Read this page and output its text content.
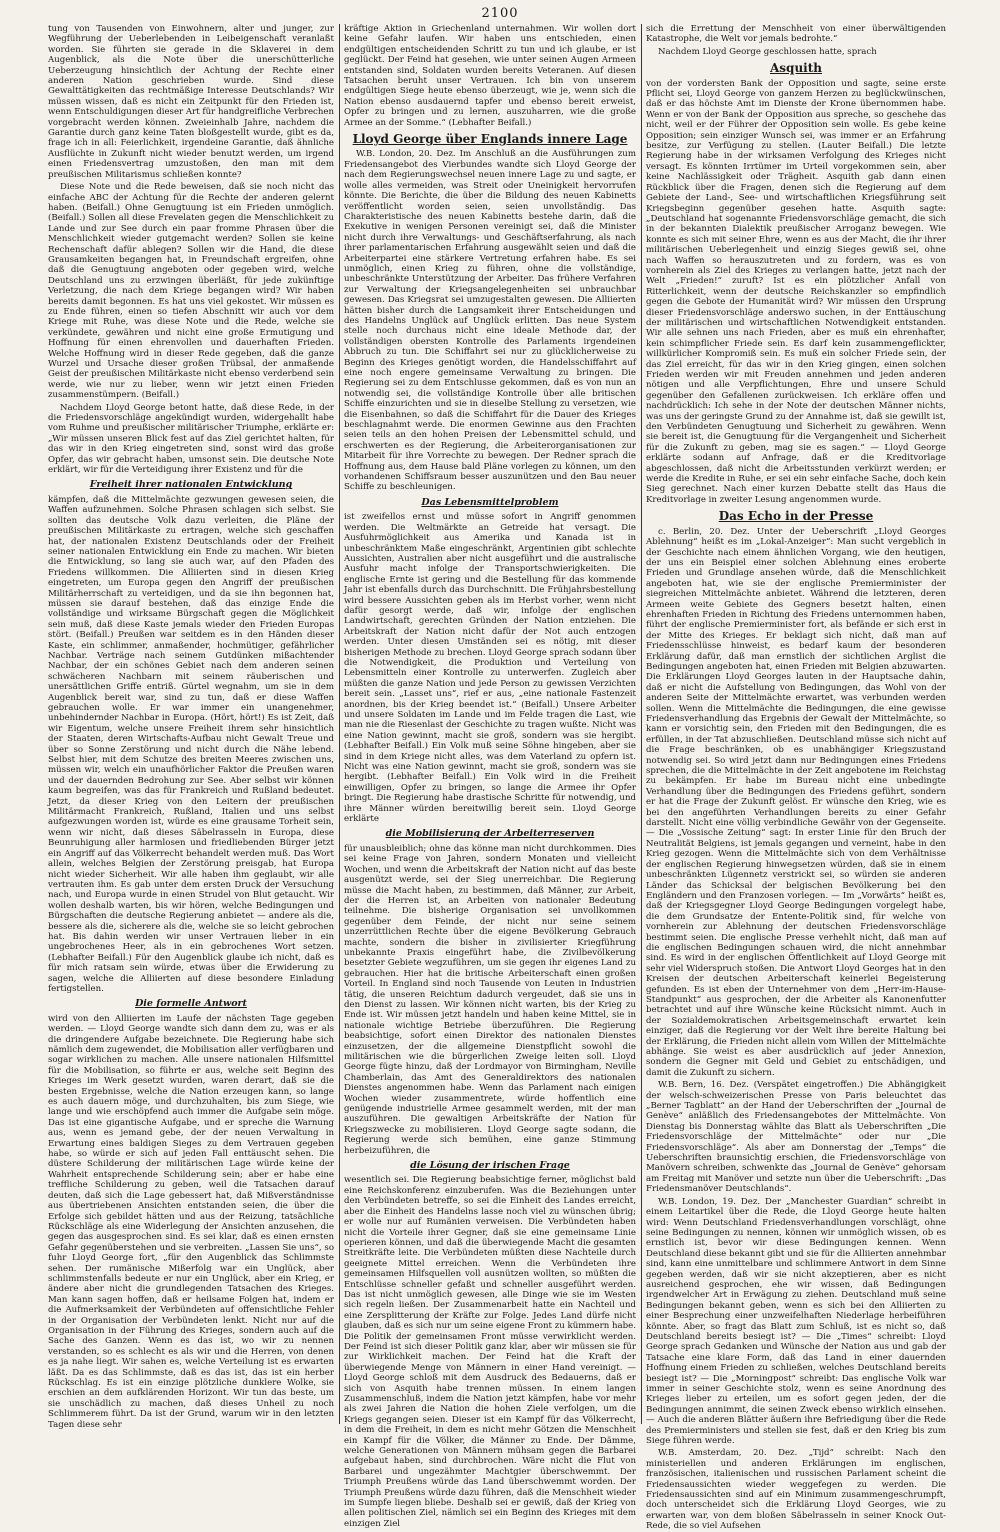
2100

tung von Tausenden von Einwohnern, alter und junger, zur Wegführung der Ueberlebenden in Leibeigenschaft veranlaßt worden. Sie führten sie gerade in die Sklaverei in dem Augenblick, als die Note über die unerschütterliche Ueberzeugung hinsichtlich der Achtung der Rechte einer anderen Nation geschrieben wurde. Sind diese Gewalttätigkeiten das rechtmäßige Interesse Deutschlands? Wir müssen wissen, daß es nicht ein Zeitpunkt für den Frieden ist, wenn Entschuldigungen dieser Art für handgreifliche Verbrechen vorgebracht werden können. Zweieinhalb Jahre, nachdem die Garantie durch ganz keine Taten bloßgestellt wurde, gibt es da, frage ich in all: Feierlichkeit, irgendeine Garantie, daß ähnliche Ausflüchte in Zukunft nicht wieder benutzt werden, um irgend einen Friedensvertrag umzustoßen, den man mit dem preußischen Militarismus schließen konnte?

Diese Note und die Rede beweisen, daß sie noch nicht das einfache ABC der Achtung für die Rechte der anderen gelernt haben. (Beifall.) Ohne Genugtuung ist ein Frieden unmöglich. (Beifall.) Sollen all diese Frevelaten gegen die Menschlichkeit zu Lande und zur See durch ein paar fromme Phrasen über die Menschlichkeit wieder gutgemacht werden? Sollen sie keine Rechenschaft dafür ablegen? Sollen wir die Hand, die diese Grausamkeiten begangen hat, in Freundschaft ergreifen, ohne daß die Genugtuung angeboten oder gegeben wird, welche Deutschland uns zu erzwingen überläßt, für jede zukünftige Verletzung, die nach dem Kriege begangen wird? Wir haben bereits damit begonnen. Es hat uns viel gekostet. Wir müssen es zu Ende führen, einen so tiefen Abschnitt wir auch vor dem Kriege mit Ruhe, was diese Note und die Rede, welche sie verkündete, gewähren und nicht eine große Ermutigung und Hoffnung für einen ehrenvollen und dauerhaften Frieden. Welche Hoffnung wird in dieser Rede gegeben, daß die ganze Wurzel und Ursache dieser großen Trübsal, der anmaßende Geist der preußischen Militärkaste nicht ebenso verderbend sein werde, wie nur zu lieber, wenn wir jetzt einen Frieden zusammenstümpern. (Beifall.)

Nachdem Lloyd George betont hatte, daß diese Rede, in der die Friedensvorschläge angekündigt wurden, widergehallt habe vom Ruhme und preußischer militärischer Triumphe, erklärte er: „Wir müssen unseren Blick fest auf das Ziel gerichtet halten, für das wir in den Krieg eingetreten sind, sonst wird das große Opfer, das wir gebracht haben, umsonst sein. Die deutsche Note erklärt, wir für die Verteidigung ihrer Existenz und für die

Freiheit ihrer nationalen Entwicklung

kämpfen, daß die Mittelmächte gezwungen gewesen seien, die Waffen aufzunehmen. Solche Phrasen schlagen sich selbst. Sie sollten das deutsche Volk dazu verleiten, die Pläne der preußischen Militärkaste zu ertragen, welche sich geschaffen hat, der nationalen Existenz Deutschlands oder der Freiheit seiner nationalen Entwicklung ein Ende zu machen. Wir bieten die Entwicklung, so lang sie auch war, auf den Pfaden des Friedens willkommen. Die Alliierten sind in diesen Krieg eingetreten, um Europa gegen den Angriff der preußischen Militärherrschaft zu verteidigen, und da sie ihn begonnen hat, müssen sie darauf bestehen, daß das einzige Ende die vollständige und wirksame Bürgschaft gegen die Möglichkeit sein muß, daß diese Kaste jemals wieder den Frieden Europas stört. (Beifall.) Preußen war seitdem es in den Händen dieser Kaste, ein schlimmer, anmaßender, hochmütiger, gefährlicher Nachbar. Verträge nach seinem Gutdünken mißachtender Nachbar, der ein schönes Gebiet nach dem anderen seinen schwächeren Nachbarn mit seinem räuberischen und unersättlichen Griffe entriß. Gürtel wegnahm, um sie in dem Augenblick bereit war, sind zu tun, daß er diese Waffen gebrauchen wolle. Er war immer ein unangenehmer, unbehindernder Nachbar in Europa. (Hört, hört!) Es ist Zeit, daß wir Eigentum, welche unsere Freiheit ihrem sehr hinsichtlich der Staaten, deren Wirtschafts-Aufbau nicht Gewalt Treue und über so Sonne Zerstörung und nicht durch die Nähe lebend. Selbst hier, mit dem Schutze des breiten Meeres zwischen uns, müssen wir, welch ein unaufhörlicher Faktor die Preußen waren und der dauernden Bedrohung zur See. Aber selbst wir können kaum begreifen, was das für Frankreich und Rußland bedeutet. Jetzt, da dieser Krieg von den Leitern der preußischen Militärmacht Frankreich, Rußland, Italien und uns selbst aufgezwungen worden ist, würde es eine grausame Torheit sein, wenn wir nicht, daß dieses Säbelrasseln in Europa, diese Beunruhigung aller harmlosen und friedliebenden Bürger jetzt ein Angriff auf das Völkerrecht behandelt werden muß. Das Wort allein, welches Belgien der Zerstörung preisgab, hat Europa nicht wieder Sicherheit. Wir alle haben ihm geglaubt, wir alle vertrauten ihm. Es gab unter dem ersten Druck der Versuchung nach, und Europa wurde in einen Strudel von Blut getaucht. Wir wollen deshalb warten, bis wir hören, welche Bedingungen und Bürgschaften die deutsche Regierung anbietet — andere als die, bessere als die, sicherere als die, welche sie so leicht gebrochen hat. Bis dahin werden wir unser Vertrauen lieber in ein ungebrochenes Heer, als in ein gebrochenes Wort setzen. (Lebhafter Beifall.) Für den Augenblick glaube ich nicht, daß es für mich ratsam sein würde, etwas über die Erwiderung zu sagen, welche die Alliierten auf diese besondere Einladung fertigstellen.

Die formelle Antwort

wird von den Alliierten im Laufe der nächsten Tage gegeben werden. — Lloyd George wandte sich dann dem zu, was er als die dringendere Aufgabe bezeichnete. Die Regierung habe sich nämlich dem zugewendet, die Mobilisation aller verfügbaren und sogar wirklichen zu machen. Alle unsere nationalen Hilfsmittel für die Mobilisation, so führte er aus, welche seit Beginn des Krieges im Werk gesetzt wurden, waren derart, daß sie die besten Ergebnisse, welche die Nation erzeugen kann, so lange es auch dauern möge, und durchzuhalten, bis zum Siege, wie lange und wie erschöpfend auch immer die Aufgabe sein möge. Das ist eine gigantische Aufgabe, und er spreche die Warnung aus, wenn es jemand gebe, der der neuen Verwaltung in Erwartung eines baldigen Sieges zu dem Vertrauen gegeben habe, so würde er sich auf jeden Fall enttäuscht sehen. Die düstere Schilderung der militärischen Lage würde keine der Wahrheit entsprechende Schilderung sein; aber er habe eine treffliche Schilderung zu geben, weil die Tatsachen darauf deuten, daß sich die Lage gebessert hat, daß Mißverständnisse aus übertriebenen Ansichten entstanden seien, die über die Erfolge sich gebildet hätten und aus der Reizung, tatsächliche Rückschläge als eine Widerlegung der Ansichten anzusehen, die gegen das ausgesprochen sind. Es sei klar, daß es einen ernsten Gefahr gegenüberstehen und sie verbreiten. „Lassen Sie uns“, so fuhr Lloyd George fort, „für den Augenblick das Schlimmste sehen. Der rumänische Mißerfolg war ein Unglück, aber schlimmstenfalls bedeute er nur ein Unglück, aber ein Krieg, er ändere aber nicht die grundlegenden Tatsachen des Krieges. Man kann sagen hoffen, daß er heilsame Folgen hat, indem er die Aufmerksamkeit der Verbündeten auf offensichtliche Fehler in der Organisation der Verbündeten lenkt. Nicht nur auf die Organisation in der Führung des Krieges, sondern auch auf die Sache des Ganzen. Wenn es das ist, wo wir zu nennen verstanden, so es schlecht es als wir und die Herren, von denen es ja nahe liegt. Wir sahen es, welche Verteilung ist es erwarten läßt. Da es das Schlimmste, daß es das ist, das ist ein herber Rückschlag. Es ist ein einzige plötzliche dunklere Wolke, sie erschien an dem aufklärenden Horizont. Wir tun das beste, um sie unschädlich zu machen, daß dieses Unheil zu noch Schlimmerem führt. Da ist der Grund, warum wir in den letzten Tagen diese sehr

kräftige Aktion in Griechenland unternahmen. Wir wollen dort keine Gefahr laufen. Wir haben uns entschieden, einen endgültigen entscheidenden Schritt zu tun und ich glaube, er ist geglückt. Der Feind hat gesehen, wie unter seinen Augen Armeen entstanden sind, Soldaten wurden bereits Veteranen. Auf diesen Tatsachen beruht unser Vertrauen. Ich bin von unserem endgültigen Siege heute ebenso überzeugt, wie je, wenn sich die Nation ebenso ausdauernd tapfer und ebenso bereit erweist, Opfer zu bringen und zu lernen, auszuharren, wie die große Armee an der Somme.“ (Lebhafter Beifall.)

Lloyd George über Englands innere Lage

W.B. London, 20. Dez. Im Anschluß an die Ausführungen zum Friedensangebot des Vierbundes wandte sich Lloyd George der nach dem Regierungswechsel neuen innere Lage zu und sagte, er wolle alles vermeiden, was Streit oder Uneinigkeit hervorrufen könnte. Die Berichte, die über die Bildung des neuen Kabinetts veröffentlicht worden seien, seien unvollständig. Das Charakteristische des neuen Kabinetts bestehe darin, daß die Exekutive in wenigen Personen vereinigt sei, daß die Minister nicht durch ihre Verwaltungs- und Geschäftserfahrung, als nach ihrer parlamentarischen Erfahrung ausgewählt seien und daß die Arbeiterpartei eine stärkere Vertretung erfahren habe. Es sei unmöglich, einen Krieg zu führen, ohne die vollständige, unbeschränkte Unterstützung der Arbeiter. Das frühere Verfahren zur Verwaltung der Kriegsangelegenheiten sei unbrauchbar gewesen. Das Kriegsrat sei umzugestalten gewesen. Die Alliierten hätten bisher durch die Langsamkeit ihrer Entscheidungen und des Handelns Unglück auf Unglück erlitten. Das neue System stelle noch durchaus nicht eine ideale Methode dar, der vollständigen obersten Kontrolle des Parlaments irgendeinen Abbruch zu tun. Die Schiffahrt sei nur zu glücklicherweise zu Beginn des Krieges genötigt worden, die Handelsschiffahrt auf eine noch engere gemeinsame Verwaltung zu bringen. Die Regierung sei zu dem Entschlusse gekommen, daß es von nun an notwendig sei, die vollständige Kontrolle über alle britischen Schiffe einzurichten und sie in dieselbe Stellung zu versetzen, wie die Eisenbahnen, so daß die Schiffahrt für die Dauer des Krieges beschlagnahmt werde. Die enormen Gewinne aus den Frachten seien teils an den hohen Preisen der Lebensmittel schuld, und erschwerten es der Regierung, die Arbeiterorganisationen zur Mitarbeit für ihre Vorrechte zu bewegen. Der Redner sprach die Hoffnung aus, dem Hause bald Pläne vorlegen zu können, um den vorhandenen Schiffsraum besser auszunützen und den Bau neuer Schiffe zu beschleunigen.

Das Lebensmittelproblem

ist zweifellos ernst und müsse sofort in Angriff genommen werden. Die Weltmärkte an Getreide hat versagt. Die Ausfuhrmöglichkeit aus Amerika und Kanada ist in unbeschränktem Maße eingeschränkt, Argentinien gibt schlechte Aussichten, Australien aber nicht ausgeführt und die australische Ausfuhr macht infolge der Transportschwierigkeiten. Die englische Ernte ist gering und die Bestellung für das kommende Jahr ist ebenfalls durch das Durchschnitt. Die Frühjahrsbestellung wird bessere Aussichten geben als im Herbst vorher, wenn nicht dafür gesorgt werde, daß wir, infolge der englischen Landwirtschaft, gerechten Gründen der Nation entziehen. Die Arbeitskraft der Nation nicht dafür der Not auch entzogen werden. Unter diesen Umständen sei es nötig, mit dieser bisherigen Methode zu brechen. Lloyd George sprach sodann über die Notwendigkeit, die Produktion und Verteilung von Lebensmitteln einer Kontrolle zu unterwerfen. Zugleich aber müßten die ganze Nation und jede Person zu gewissen Verzichten bereit sein. „Lasset uns“, rief er aus, „eine nationale Fastenzeit anordnen, bis der Krieg beendet ist.“ (Beifall.) Unsere Arbeiter und unsere Soldaten im Lande und im Felde tragen die Last, wie man nie die Riesenlast der Geschichte zu tragen wußte. Nicht was eine Nation gewinnt, macht sie groß, sondern was sie hergibt. (Lebhafter Beifall.) Ein Volk muß seine Söhne hingeben, aber sie sind in dem Kriege nicht alles, was dem Vaterland zu opfern ist. Nicht was eine Nation gewinnt, macht sie groß, sondern was sie hergibt. (Lebhafter Beifall.) Ein Volk wird in die Freiheit einwilligen, Opfer zu bringen, so lange die Armee ihr Opfer bringt. Die Regierung habe drastische Schritte für notwendig, und ihre Männer würden bereitwillig bereit sein. Lloyd George erklärte

die Mobilisierung der Arbeiterreserven

für unausbleiblich; ohne das könne man nicht durchkommen. Dies sei keine Frage von Jahren, sondern Monaten und vielleicht Wochen, und wenn die Arbeitskraft der Nation nicht auf das beste ausgenützt werde, sei der Sieg unerreichbar. Die Regierung müsse die Macht haben, zu bestimmen, daß Männer, zur Arbeit, der die Herren ist, an Arbeiten von nationaler Bedeutung teilnehme. Die bisherige Organisation sei unvollkommen gegenüber dem Feinde, der nicht nur seine seinem unzerrüttlichen Rechte über die eigene Bevölkerung Gebrauch machte, sondern die bisher in zivilisierter Kriegführung unbekannte Praxis eingeführt habe, die Zivilbevölkerung besetzter Gebiete wegzuführen, um sie gegen ihr eigenes Land zu gebrauchen. Hier hat die britische Arbeiterschaft einen großen Vorteil. In England sind noch Tausende von Leuten in Industrien tätig, die unseren Reichtum dadurch vergeudet, daß sie uns in den Dienst zu lassen. Wir können nicht warten, bis der Krieg zu Ende ist. Wir müssen jetzt handeln und haben keine Mittel, sie in nationale wichtige Betriebe überzuführen. Die Regierung beabsichtige, sofort einen Direktor des nationalen Dienstes einzusetzen, der die allgemeine Dienstpflicht sowohl die militärischen wie die bürgerlichen Zweige leiten soll. Lloyd George fügte hinzu, daß der Lordmayor von Birmingham, Neville Chamberlain, das Amt des Generaldirektors des nationalen Dienstes angenommen habe. Wenn das Parlament nach einigen Wochen wieder zusammentrete, würde hoffentlich eine genügende industrielle Armee gesammelt werden, mit der man auszuführen. Die gewaltigen Arbeitskräfte der Nation für Kriegszwecke zu mobilisieren. Lloyd George sagte sodann, die Regierung werde sich bemühen, eine ganze Stimmung herbeizuführen, die

die Lösung der irischen Frage

wesentlich sei. Die Regierung beabsichtige ferner, möglichst bald eine Reichskonferenz einzuberufen. Was die Beziehungen unter den Verbündeten betreffe, so sei die Einheit des Landes erreicht, aber die Einheit des Handelns lasse noch viel zu wünschen übrig; er wolle nur auf Rumänien verweisen. Die Verbündeten haben nicht die Vorteile ihrer Gegner, daß sie eine gemeinsame Linie operieren können, und daß die überwiegende Macht die gesamten Streitkräfte leite. Die Verbündeten müßten diese Nachteile durch geeignete Mittel erreichen. Wenn die Verbündeten ihre gemeinsamen Hilfsquellen voll ausnützen wollten, so müßten die Entschlüsse schneller gefaßt und schneller ausgeführt werden. Das ist nicht unmöglich gewesen, alle Dinge wie sie im Westen sich regeln ließen. Der Zusammenarbeit hatte ein Nachteil und eine Zersplitterung der Kräfte zur Folge. Jedes Land dürfe nicht glauben, daß es sich nur um seine eigene Front zu kümmern habe. Die Politik der gemeinsamen Front müsse verwirklicht werden. Der Feind ist sich dieser Politik ganz klar, aber wir müssen sie für zur Wirklichkeit machen. Der Feind hat die Kraft der überwiegende Menge von Männern in einer Hand vereinigt. — Lloyd George schloß mit dem Ausdruck des Bedauerns, daß er sich von Asquith habe trennen müssen. In einem langen Zusammenschluß, indem die Nation jetzt kämpfen, habe vor mehr als zwei Jahren die Nation die hohen Ziele verfolgen, um die Kriegs gegangen seien. Dieser ist ein Kampf für das Völkerrecht, in dem die Freiheit, in dem es nicht mehr Götzen die Menschheit ein Kampf für die Völker, die Männer zu Ende. Der Dämme, welche Generationen von Männern mühsam gegen die Barbarei aufgebaut haben, sind durchbrochen. Wäre nicht die Flut von Barbarei und ungezähmter Machtgier überschwemmt. Der Triumph Preußens würde das Land überschwemmt worden. Der Triumph Preußens würde dazu führen, daß die Menschheit wieder im Sumpfe liegen bliebe. Deshalb sei er gewiß, daß der Krieg von allen politischen Ziel, nämlich sei ein Beginn des Krieges mit dem einzigen Ziel

sich die Errettung der Menschheit von einer überwältigenden Katastrophe, die Welt vor jemals bedrohte.“

Nachdem Lloyd George geschlossen hatte, sprach

Asquith

von der vordersten Bank der Opposition und sagte, seine erste Pflicht sei, Lloyd George von ganzem Herzen zu beglückwünschen, daß er das höchste Amt im Dienste der Krone übernommen habe. Wenn er von der Bank der Opposition aus spreche, so geschehe das nicht, weil er der Führer der Opposition sein wolle. Es gebe keine Opposition; sein einziger Wunsch sei, was immer er an Erfahrung besitze, zur Verfügung zu stellen. (Lauter Beifall.) Die letzte Regierung habe in der wirksamen Verfolgung des Krieges nicht versagt. Es könnten Irrtümer im Urteil vorgekommen sein, aber keine Nachlässigkeit oder Trägheit. Asquith gab dann einen Rückblick über die Fragen, denen sich die Regierung auf dem Gebiete der Land-, See- und wirtschaftlichen Kriegsführung seit Kriegsbeginn gegenüber gesehen hatte. Asquith sagte: „Deutschland hat sogenannte Friedensvorschläge gemacht, die sich in der bekannten Dialektik preußischer Arroganz bewegen. Wie konnte es sich mit seiner Ehre, wenn es aus der Macht, die ihr ihrer militärischen Ueberlegenheit und einzig Sieges gewiß sei, ohne nach Waffen so herauszutreten und zu fordern, was es von vornherein als Ziel des Krieges zu verlangen hatte, jetzt nach der Welt „Frieden!“ zuruft? Ist es ein plötzlicher Anfall von Ritterlichkeit, wenn der deutsche Reichskanzler so empfindlich gegen die Gebote der Humanität wird? Wir müssen den Ursprung dieser Friedensvorschläge anderswo suchen, in der Enttäuschung der militärischen und wirtschaftlichen Notwendigkeit entstanden. Wir alle sehnen uns nach Frieden, aber es muß ein ehrenhafter, kein schimpflicher Friede sein. Es darf kein zusammengeflickter, willkürlicher Kompromiß sein. Es muß ein solcher Friede sein, der das Ziel erreicht, für das wir in den Krieg gingen, einen solchen Frieden werden wir mit Freuden annehmen und jeden anderen nötigen und alle Verpflichtungen, Ehre und unsere Schuld gegenüber den Gefallenen zurückweisen. Ich erkläre offen und nachdrücklich: Ich sehe in der Note der deutschen Männer nichts, was uns der geringste Grund zu der Annahme ist, daß sie gewillt ist, den Verbündeten Genugtuung und Sicherheit zu gewähren. Wenn sie bereit ist, die Genugtuung für die Vergangenheit und Sicherheit für die Zukunft zu geben, mag sie es sagen.“ — Lloyd George erklärte sodann auf Anfrage, daß er die Kreditvorlage abgeschlossen, daß nicht die Arbeitsstunden verkürzt werden; er werde die Kredite in Ruhe, er sei ein sehr einfache Sache, doch kein Sieg gerechnet. Nach einer kurzen Debatte stellt das Haus die Kreditvorlage in zweiter Lesung angenommen wurde.

Das Echo in der Presse

c. Berlin, 20. Dez. Unter der Ueberschrift „Lloyd Georges Ablehnung“ heißt es im „Lokal-Anzeiger“: Man sucht vergeblich in der Geschichte nach einem ähnlichen Vorgang, wie den heutigen, der uns ein Beispiel einer solchen Ablehnung eines eroberte Frieden und Grundlage ansehen würde, daß die Menschlichkeit angeboten hat, wie sie der englische Premierminister der siegreichen Mittelmächte anbietet. Während die letzteren, deren Armeen weite Gebiete des Gegners besetzt halten, einen ehrenhaften Frieden in Richtung des Friedens unternommen haben, führt der englische Premierminister fort, als befände er sich erst in der Mitte des Krieges. Er beklagt sich nicht, daß man auf Friedensschlüsse hinweist, es bedarf kaum der besonderen Erklärung dafür, daß man ernstlich der sichtlichen Arglist die Bedingungen angeboten hat, einen Frieden mit Belgien abzuwarten. Die Erklärungen Lloyd Georges lauten in der Hauptsache dahin, daß er nicht die Aufstellung von Bedingungen, das Wohl von der anderen Seite der Mittelmächte erwartet, was verbunden werden sollen. Wenn die Mittelmächte die Bedingungen, die eine gewisse Friedensverhandlung das Ergebnis der Gewalt der Mittelmächte, so kann er vorsichtig sein, den Frieden mit den Bedingungen, die es erfüllen, in der Tat abzuschließen. Deutschland müsse sich nicht auf die Frage beschränken, ob es unabhängiger Kriegszustand notwendig sei. So wird jetzt dann nur Bedingungen eines Friedens sprechen, die die Mittelmächte in der Zeit angebotene im Reichstag zu bekämpfen. Er habe im Bureau nicht eine unbedingte Verhandlung über die Bedingungen des Friedens geführt, sondern er hat die Frage der Zukunft gelöst. Er wünsche den Krieg, wie es bei den angeführten Verhandlungen bereits zu einer Gefahr darstellt. Nicht eine völlig verbindliche Gewähr von der Gegenseite. — Die „Vossische Zeitung“ sagt: In erster Linie für den Bruch der Neutralität Belgiens, ist jemals gegangen und verneint, habe in den Krieg gezogen. Wenn die Mittelmächte sich von dem Verhältnisse der englischen Regierung hinwegsetzen würden, daß sie in einem unbeschränkten Lügennetz verstrickt sei, so würden sie anderen Länder das Schicksal der belgischen Bevölkerung bei den Engländern und den Franzosen vorlegen. — Im „Vorwärts“ heißt es, daß der Kriegsgegner Lloyd George Bedingungen vorgelegt habe, die dem Grundsatze der Entente-Politik sind, für welche von vornherein zur Ablehnung der deutschen Friedensvorschläge bestimmt seien. Die englische Presse verhehlt nicht, daß man auf die englischen Bedingungen schauen wird, die nicht annehmbar sind. Es wird in der englischen Öffentlichkeit auf Lloyd George mit sehr viel Widerspruch stoßen. Die Antwort Lloyd Georges hat in den Kreisen der deutschen Arbeiterschaft keinerlei Begeisterung gefunden. Es ist eben der Unternehmer von dem „Herr-im-Hause-Standpunkt“ aus gesprochen, der die Arbeiter als Kanonenfutter betrachtet und auf ihre Wünsche keine Rücksicht nimmt. Auch in der Sozialdemokratischen Arbeitsgemeinschaft erwartet kein einziger, daß die Regierung vor der Welt ihre bereite Haltung bei der Erklärung, die Frieden nicht allein vom Willen der Mittelmächte abhänge. Sie weist es aber ausdrücklich auf jeder Annexion, sondern die Gegner mit Geld und Gebiet zu entschädigen, und damit die Zukunft zu sichern.

W.B. Bern, 16. Dez. (Verspätet eingetroffen.) Die Abhängigkeit der welsch-schweizerischen Presse von Paris beleuchtet das „Berner Tagblatt“ an der Hand der Ueberschriften der „Journal de Genève“ anläßlich des Friedensangebotes der Mittelmächte. Von Dienstag bis Donnerstag wählte das Blatt als Ueberschriften „Die Friedensvorschläge der Mittelmächte“ oder nur „Die Friedensvorschläge“. Als aber am Donnerstag der „Temps“ die Ueberschriften braunsichtig erschien, die Friedensvorschläge von Manövern schreiben, schwenkte das „Journal de Genève“ gehorsam am Freitag mit Manöver und setzte nun über die Ueberschrift: „Das Friedensmanöver Deutschlands“.

W.B. London, 19. Dez. Der „Manchester Guardian“ schreibt in einem Leitartikel über die Rede, die Lloyd George heute halten wird: Wenn Deutschland Friedensverhandlungen vorschlägt, ohne seine Bedingungen zu nennen, können wir unmöglich wissen, ob es ernstlich ist, bevor wir diese Bedingungen kennen. Wenn Deutschland diese bekannt gibt und sie für die Alliierten annehmbar sind, kann eine unmittelbare und schlimmere Antwort in dem Sinne gegeben werden, daß wir sie nicht akzeptieren, aber es nicht ausreichend gesprochen, ehe wir wissen, daß Bedingungen irgendwelcher Art in Erwägung zu ziehen. Deutschland muß seine Bedingungen bekannt geben, wenn es sich bei den Alliierten zu einer Besprechung einer unzweifelhaften Niederlage herbeiführen könnte. Aber, so fragt das Blatt zum Schluß, ist es nicht so, daß Deutschland bereits besiegt ist? — Die „Times“ schreibt: Lloyd George sprach Gedanken und Wünsche der Nation aus und gab der Tatsache eine klare Form, daß das Land in einer dauernden Hoffnung einem Frieden zu schließen, welches Deutschland bereits besiegt ist? — Die „Morningpost“ schreibt: Das englische Volk war immer in seiner Geschichte stolz, wenn es seine Anordnung des Krieges lieber zu erteilen, um es sofort gegen jeden, der die Bedingungen annimmt, die seinen Zweck ebenso wirklich einsehen. — Auch die anderen Blätter äußern ihre Befriedigung über die Rede des Premierministers und stellen sie fest, daß er den Krieg bis zum Siege führen werde.

W.B. Amsterdam, 20. Dez. „Tijd“ schreibt: Nach den ministeriellen und anderen Erklärungen im englischen, französischen, italienischen und russischen Parlament scheint die Friedensaussichten wieder weggefegen zu werden. Die Friedensaussichten sind auf ein Minimum zusammengeschrumpft, doch unterscheidet sich die Erklärung Lloyd Georges, wie zu erwarten war, von dem bloßen Säbelrasseln in seiner Knock Out-Rede, die so viel Aufsehen
